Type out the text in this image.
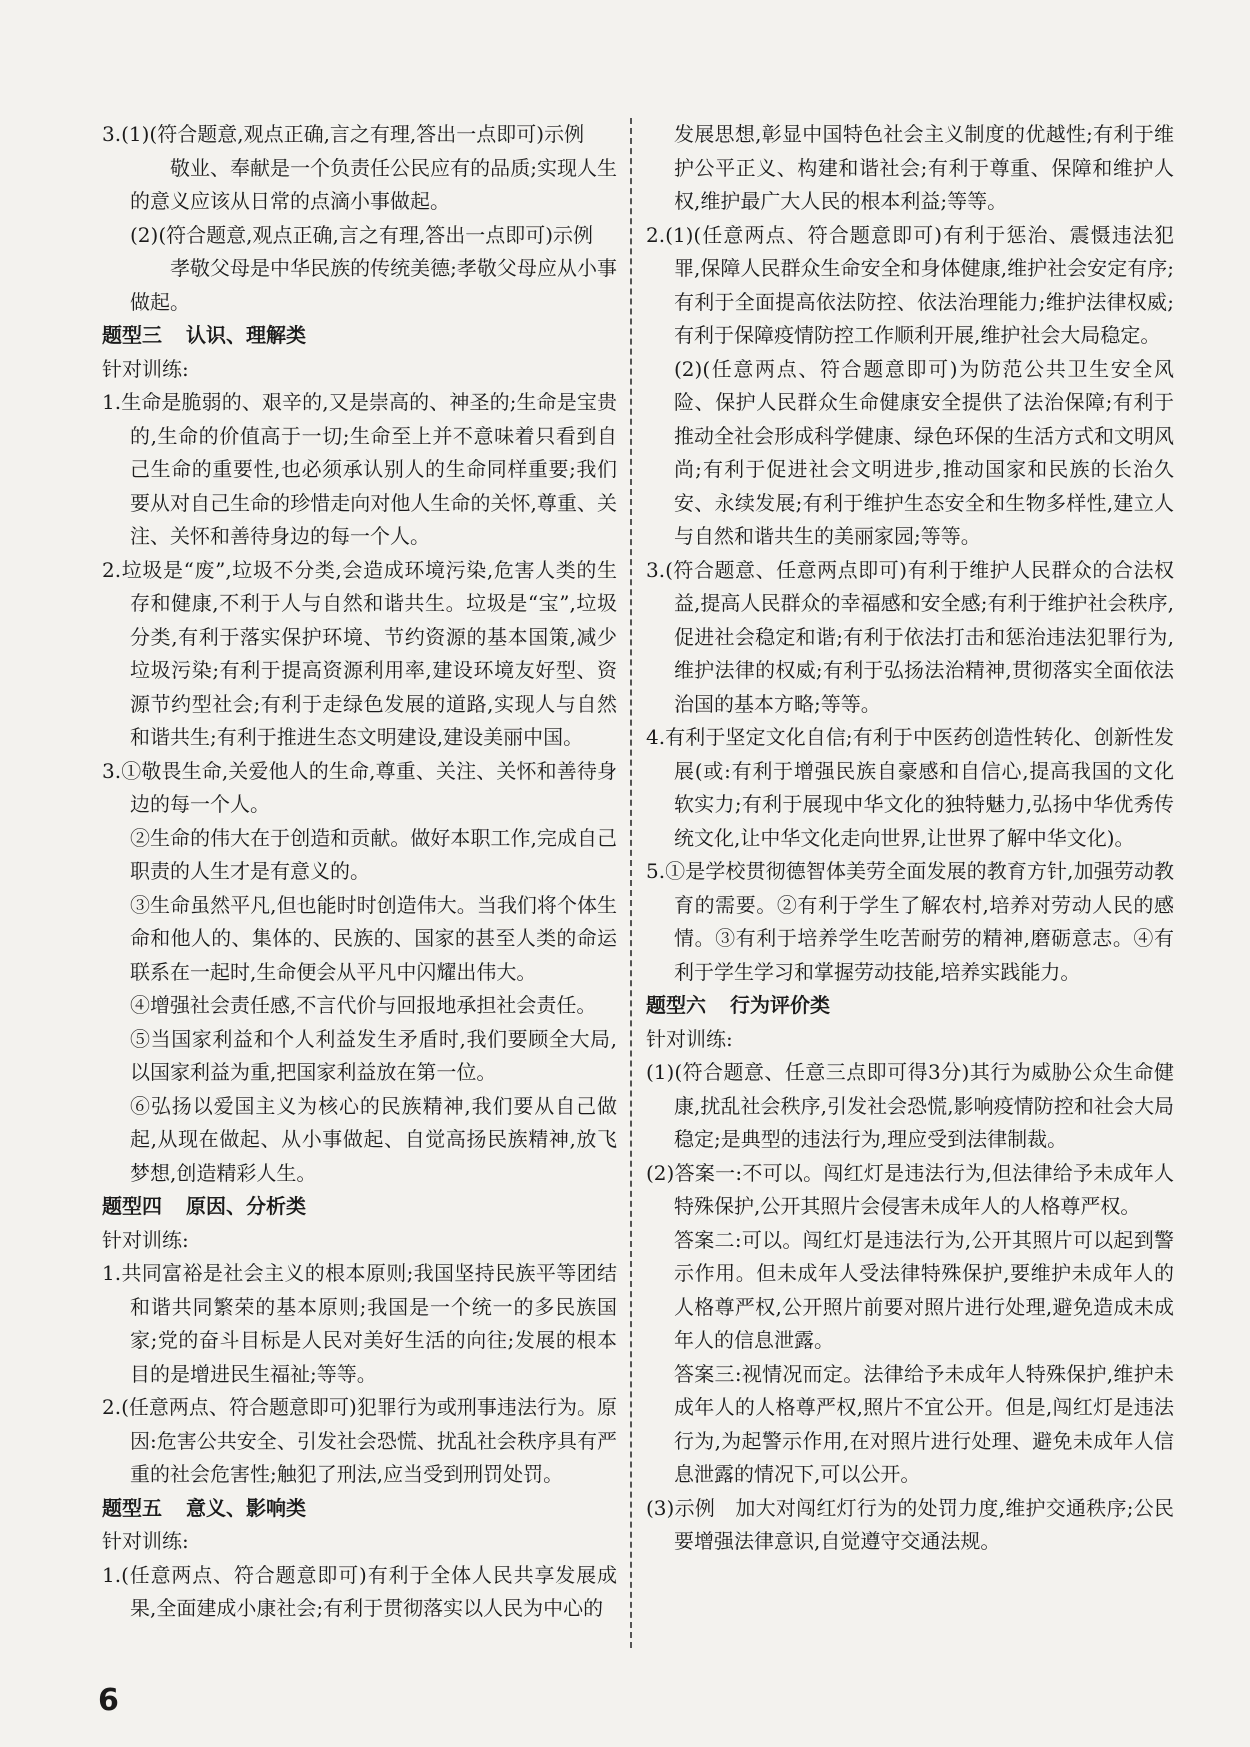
3.(1)(符合题意,观点正确,言之有理,答出一点即可)示例

敬业、奉献是一个负责任公民应有的品质;实现人生的意义应该从日常的点滴小事做起。

(2)(符合题意,观点正确,言之有理,答出一点即可)示例

孝敬父母是中华民族的传统美德;孝敬父母应从小事做起。

题型三 认识、理解类

针对训练:

1.生命是脆弱的、艰辛的,又是崇高的、神圣的;生命是宝贵的,生命的价值高于一切;生命至上并不意味着只看到自己生命的重要性,也必须承认别人的生命同样重要;我们要从对自己生命的珍惜走向对他人生命的关怀,尊重、关注、关怀和善待身边的每一个人。

2.垃圾是“废”,垃圾不分类,会造成环境污染,危害人类的生存和健康,不利于人与自然和谐共生。垃圾是“宝”,垃圾分类,有利于落实保护环境、节约资源的基本国策,减少垃圾污染;有利于提高资源利用率,建设环境友好型、资源节约型社会;有利于走绿色发展的道路,实现人与自然和谐共生;有利于推进生态文明建设,建设美丽中国。

3.①敬畏生命,关爱他人的生命,尊重、关注、关怀和善待身边的每一个人。

②生命的伟大在于创造和贡献。做好本职工作,完成自己职责的人生才是有意义的。

③生命虽然平凡,但也能时时创造伟大。当我们将个体生命和他人的、集体的、民族的、国家的甚至人类的命运联系在一起时,生命便会从平凡中闪耀出伟大。

④增强社会责任感,不言代价与回报地承担社会责任。

⑤当国家利益和个人利益发生矛盾时,我们要顾全大局,以国家利益为重,把国家利益放在第一位。

⑥弘扬以爱国主义为核心的民族精神,我们要从自己做起,从现在做起、从小事做起、自觉高扬民族精神,放飞梦想,创造精彩人生。

题型四 原因、分析类

针对训练:

1.共同富裕是社会主义的根本原则;我国坚持民族平等团结和谐共同繁荣的基本原则;我国是一个统一的多民族国家;党的奋斗目标是人民对美好生活的向往;发展的根本目的是增进民生福祉;等等。

2.(任意两点、符合题意即可)犯罪行为或刑事违法行为。原因:危害公共安全、引发社会恐慌、扰乱社会秩序具有严重的社会危害性;触犯了刑法,应当受到刑罚处罚。

题型五 意义、影响类

针对训练:

1.(任意两点、符合题意即可)有利于全体人民共享发展成果,全面建成小康社会;有利于贯彻落实以人民为中心的

发展思想,彰显中国特色社会主义制度的优越性;有利于维护公平正义、构建和谐社会;有利于尊重、保障和维护人权,维护最广大人民的根本利益;等等。

2.(1)(任意两点、符合题意即可)有利于惩治、震慑违法犯罪,保障人民群众生命安全和身体健康,维护社会安定有序;有利于全面提高依法防控、依法治理能力;维护法律权威;有利于保障疫情防控工作顺利开展,维护社会大局稳定。

(2)(任意两点、符合题意即可)为防范公共卫生安全风险、保护人民群众生命健康安全提供了法治保障;有利于推动全社会形成科学健康、绿色环保的生活方式和文明风尚;有利于促进社会文明进步,推动国家和民族的长治久安、永续发展;有利于维护生态安全和生物多样性,建立人与自然和谐共生的美丽家园;等等。

3.(符合题意、任意两点即可)有利于维护人民群众的合法权益,提高人民群众的幸福感和安全感;有利于维护社会秩序,促进社会稳定和谐;有利于依法打击和惩治违法犯罪行为,维护法律的权威;有利于弘扬法治精神,贯彻落实全面依法治国的基本方略;等等。

4.有利于坚定文化自信;有利于中医药创造性转化、创新性发展(或:有利于增强民族自豪感和自信心,提高我国的文化软实力;有利于展现中华文化的独特魅力,弘扬中华优秀传统文化,让中华文化走向世界,让世界了解中华文化)。

5.①是学校贯彻德智体美劳全面发展的教育方针,加强劳动教育的需要。②有利于学生了解农村,培养对劳动人民的感情。③有利于培养学生吃苦耐劳的精神,磨砺意志。④有利于学生学习和掌握劳动技能,培养实践能力。

题型六 行为评价类

针对训练:

(1)(符合题意、任意三点即可得3分)其行为威胁公众生命健康,扰乱社会秩序,引发社会恐慌,影响疫情防控和社会大局稳定;是典型的违法行为,理应受到法律制裁。

(2)答案一:不可以。闯红灯是违法行为,但法律给予未成年人特殊保护,公开其照片会侵害未成年人的人格尊严权。

答案二:可以。闯红灯是违法行为,公开其照片可以起到警示作用。但未成年人受法律特殊保护,要维护未成年人的人格尊严权,公开照片前要对照片进行处理,避免造成未成年人的信息泄露。

答案三:视情况而定。法律给予未成年人特殊保护,维护未成年人的人格尊严权,照片不宜公开。但是,闯红灯是违法行为,为起警示作用,在对照片进行处理、避免未成年人信息泄露的情况下,可以公开。

(3)示例　加大对闯红灯行为的处罚力度,维护交通秩序;公民要增强法律意识,自觉遵守交通法规。

6
